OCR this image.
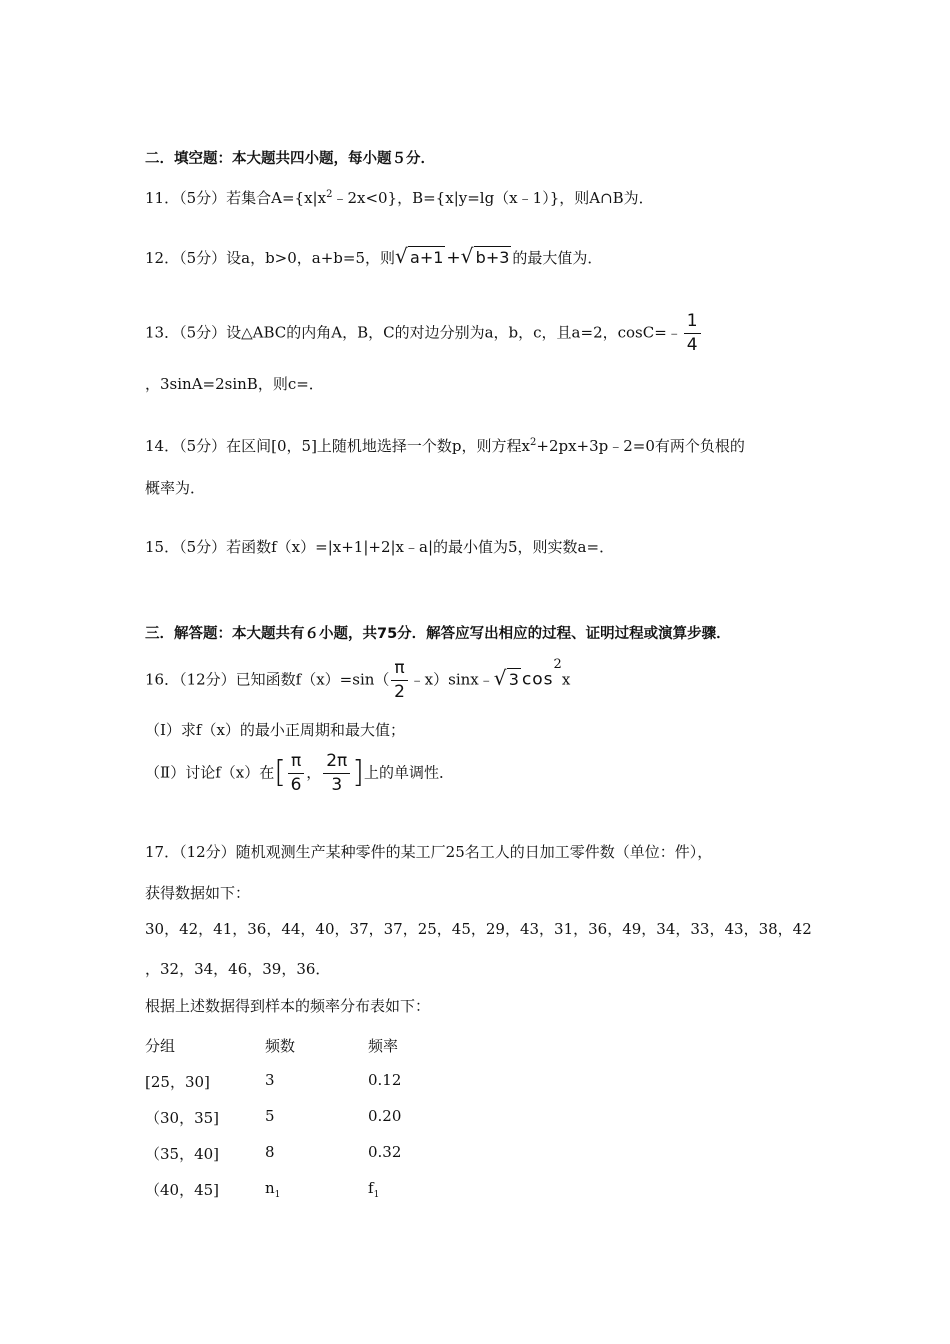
二．填空题：本大题共四小题，每小题５分．
11．（5分）若集合$A=\{x|x^2﹣2x<0\}$，B={x|y=lg（x﹣1）}，则A∩B为．
12．（5分）设a，b>0，a+b=5，则 √ a+1 + √ b+3 的最大值为．
13．（5分）设△ABC的内角A，B，C的对边分别为a，b，c，且a=2，cosC=﹣ $\frac{1}{4}$
，3sinA=2sinB，则c=．
14．（5分）在区间[0，5]上随机地选择一个数p，则方程$x^2+2px+3p﹣2=0$有两个负根的
概率为．
15．（5分）若函数f（x）=|x+1|+2|x﹣a|的最小值为5，则实数a=．
三．解答题：本大题共有６小题，共75分．解答应写出相应的过程、证明过程或演算步骤．
16．（12分）已知函数$f(x)=\sin( \frac{\pi}{2}$ ﹣x）sinx﹣ √ 3 $\cos^2x$
（Ⅰ）求f（x）的最小正周期和最大值；
（Ⅱ）讨论f（x）在[ $\frac{\pi}{6}$ ， $\frac{2\pi}{3}$ ]上的单调性．
17．（12分）随机观测生产某种零件的某工厂25名工人的日加工零件数（单位：件），
获得数据如下：
30，42，41，36，44，40，37，37，25，45，29，43，31，36，49，34，33，43，38，42
，32，34，46，39，36．
根据上述数据得到样本的频率分布表如下：
分组	频数	频率
[25，30]	3	0.12
（30，35]	5	0.20
（35，40]	8	0.32
（40，45]	$n_1$	$f_1$
